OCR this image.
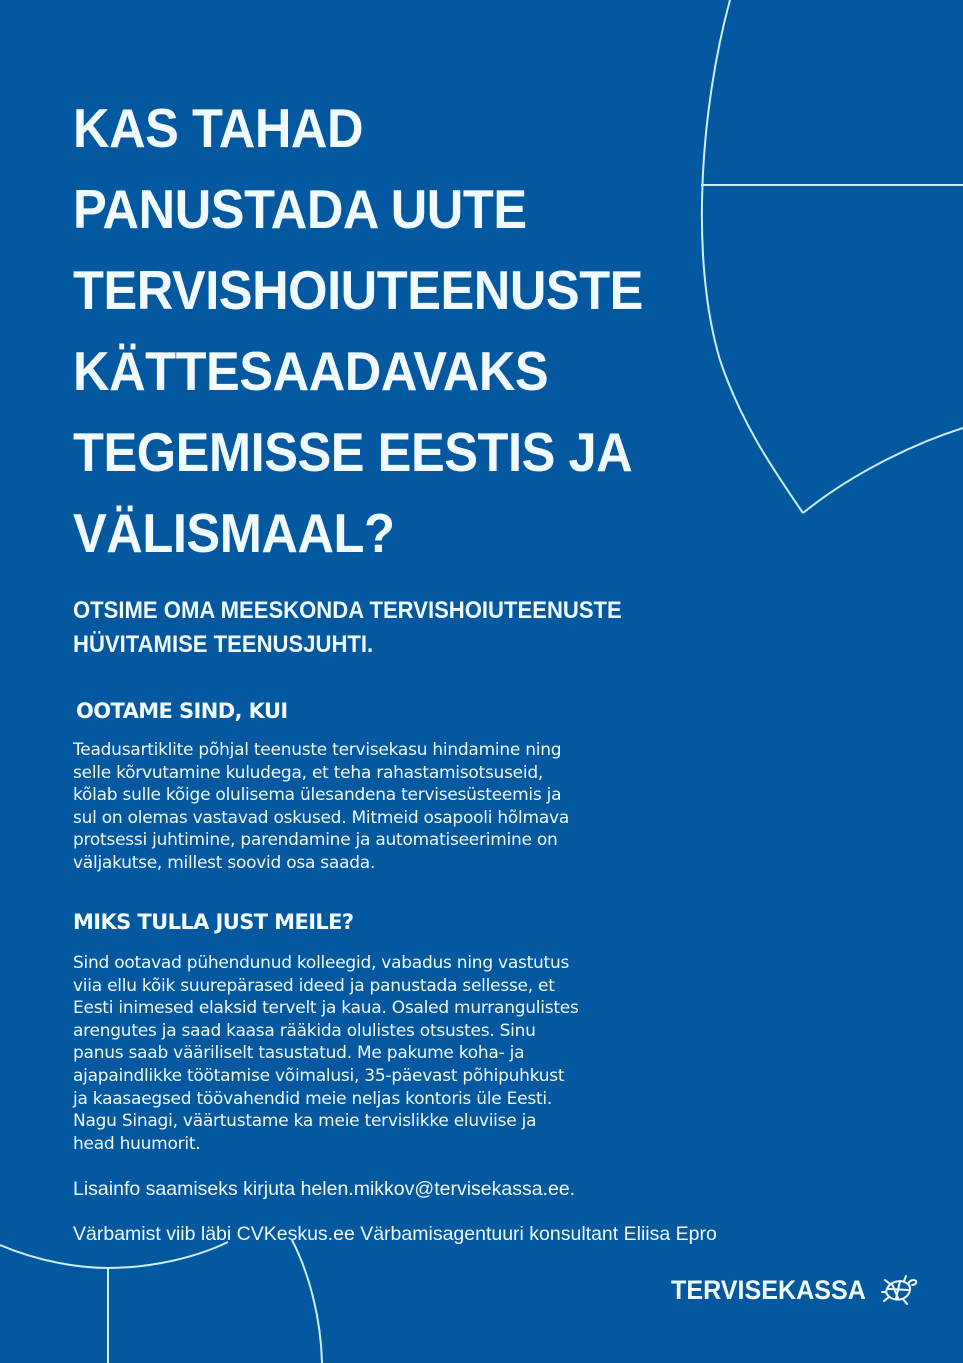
KAS TAHAD
PANUSTADA UUTE
TERVISHOIUTEENUSTE
KÄTTESAADAVAKS
TEGEMISSE EESTIS JA
VÄLISMAAL?
OTSIME OMA MEESKONDA TERVISHOIUTEENUSTE
HÜVITAMISE TEENUSJUHTI.
OOTAME SIND, KUI

Teadusartiklite põhjal teenuste tervisekasu hindamine ning
selle kõrvutamine kuludega, et teha rahastamisotsuseid,
kõlab sulle kõige olulisema ülesandena tervisesüsteemis ja
sul on olemas vastavad oskused. Mitmeid osapooli hõlmava
protsessi juhtimine, parendamine ja automatiseerimine on
väljakutse, millest soovid osa saada.

MIKS TULLA JUST MEILE?

Sind ootavad pühendunud kolleegid, vabadus ning vastutus
viia ellu kõik suurepärased ideed ja panustada sellesse, et
Eesti inimesed elaksid tervelt ja kaua. Osaled murrangulistes
arengutes ja saad kaasa rääkida olulistes otsustes. Sinu
panus saab vääriliselt tasustatud. Me pakume koha- ja
ajapaindlikke töötamise võimalusi, 35-päevast põhipuhkust
ja kaasaegsed töövahendid meie neljas kontoris üle Eesti.
Nagu Sinagi, väärtustame ka meie tervislikke eluviise ja
head huumorit.

Lisainfo saamiseks kirjuta helen.mikkov@tervisekassa.ee.

Värbamist viib läbi CVKeskus.ee Värbamisagentuuri konsultant Eliisa Epro

TERVISEKASSA
